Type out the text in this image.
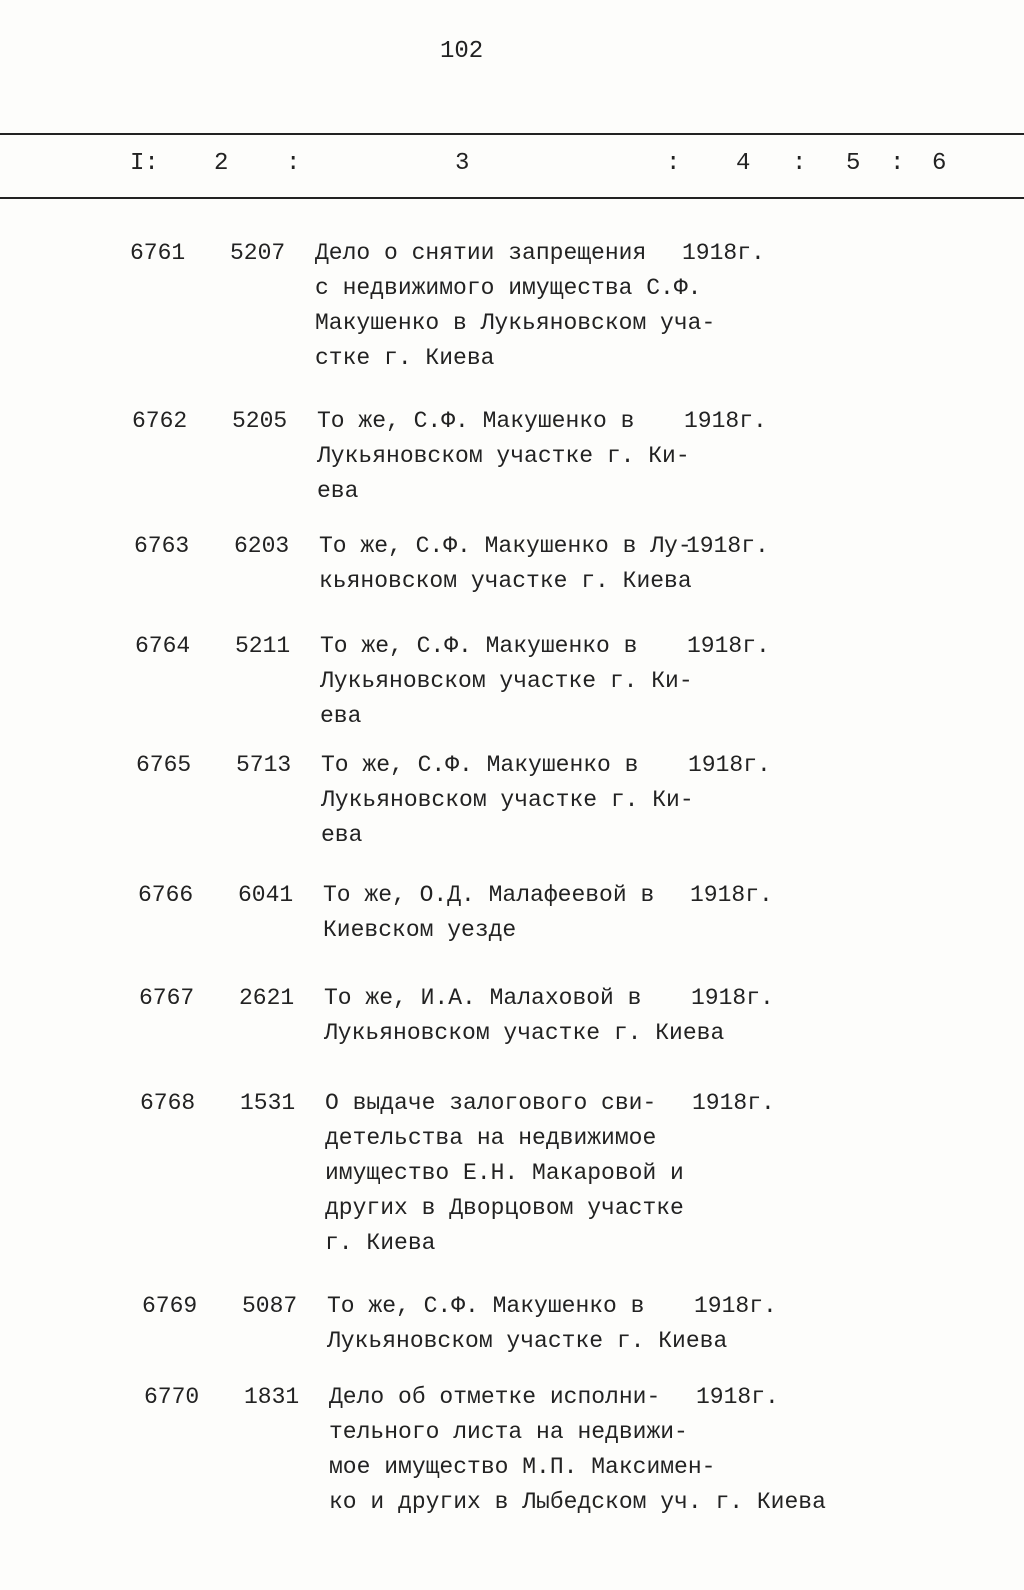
102
I: 2 :	3	: 4 : 5 : 6
6761 5207 Дело о снятии запрещения
с недвижимого имущества С.Ф.
Макушенко в Лукьяновском уча-
стке г. Киева
1918г.
6762 5205 То же, С.Ф. Макушенко в
Лукьяновском участке г. Ки-
ева
1918г.
6763 6203 То же, С.Ф. Макушенко в Лу-
кьяновском участке г. Киева
1918г.
6764 5211 То же, С.Ф. Макушенко в
Лукьяновском участке г. Ки-
ева
1918г.
6765 5713 То же, С.Ф. Макушенко в
Лукьяновском участке г. Ки-
ева
1918г.
6766 6041 То же, О.Д. Малафеевой в
Киевском уезде
1918г.
6767 2621 То же, И.А. Малаховой в
Лукьяновском участке г. Киева
1918г.
6768 1531 О выдаче залогового сви-
детельства на недвижимое
имущество Е.Н. Макаровой и
других в Дворцовом участке
г. Киева
1918г.
6769 5087 То же, С.Ф. Макушенко в
Лукьяновском участке г. Киева
1918г.
6770 1831 Дело об отметке исполни-
тельного листа на недвижи-
мое имущество М.П. Максимен-
ко и других в Лыбедском уч. г. Киева
1918г.
